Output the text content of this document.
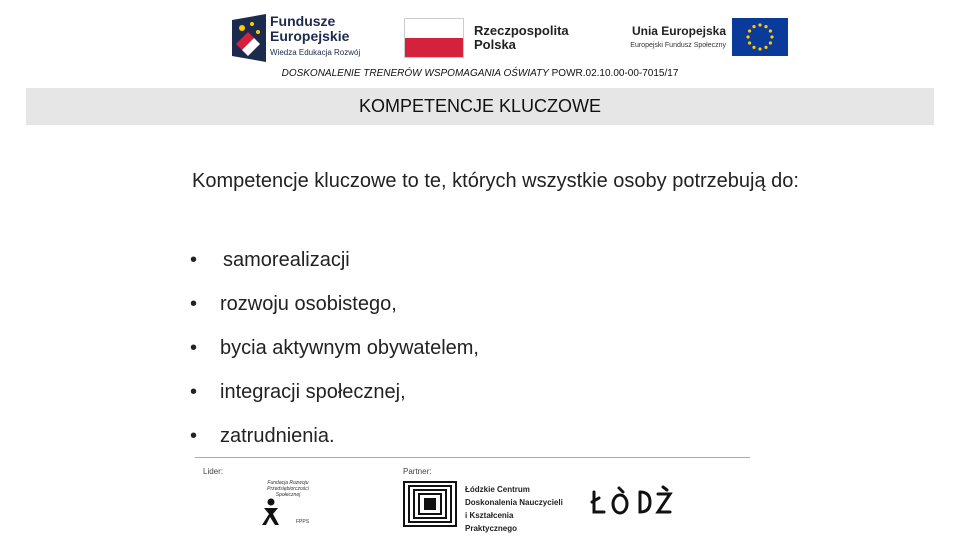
Fundusze
Europejskie
Wiedza Edukacja Rozwój
Rzeczpospolita
Polska
Unia Europejska
Europejski Fundusz Społeczny
DOSKONALENIE TRENERÓW WSPOMAGANIA OŚWIATY POWR.02.10.00-00-7015/17
KOMPETENCJE KLUCZOWE
Kompetencje kluczowe to te, których wszystkie osoby potrzebują do:
• samorealizacji
• rozwoju osobistego,
• bycia aktywnym obywatelem,
• integracji społecznej,
• zatrudnienia.
Lider:	Partner:
Fundacja Rozwoju Przedsiębiorczości Społecznej
FPPS
Łódzkie Centrum
Doskonalenia Nauczycieli
i Kształcenia Praktycznego
